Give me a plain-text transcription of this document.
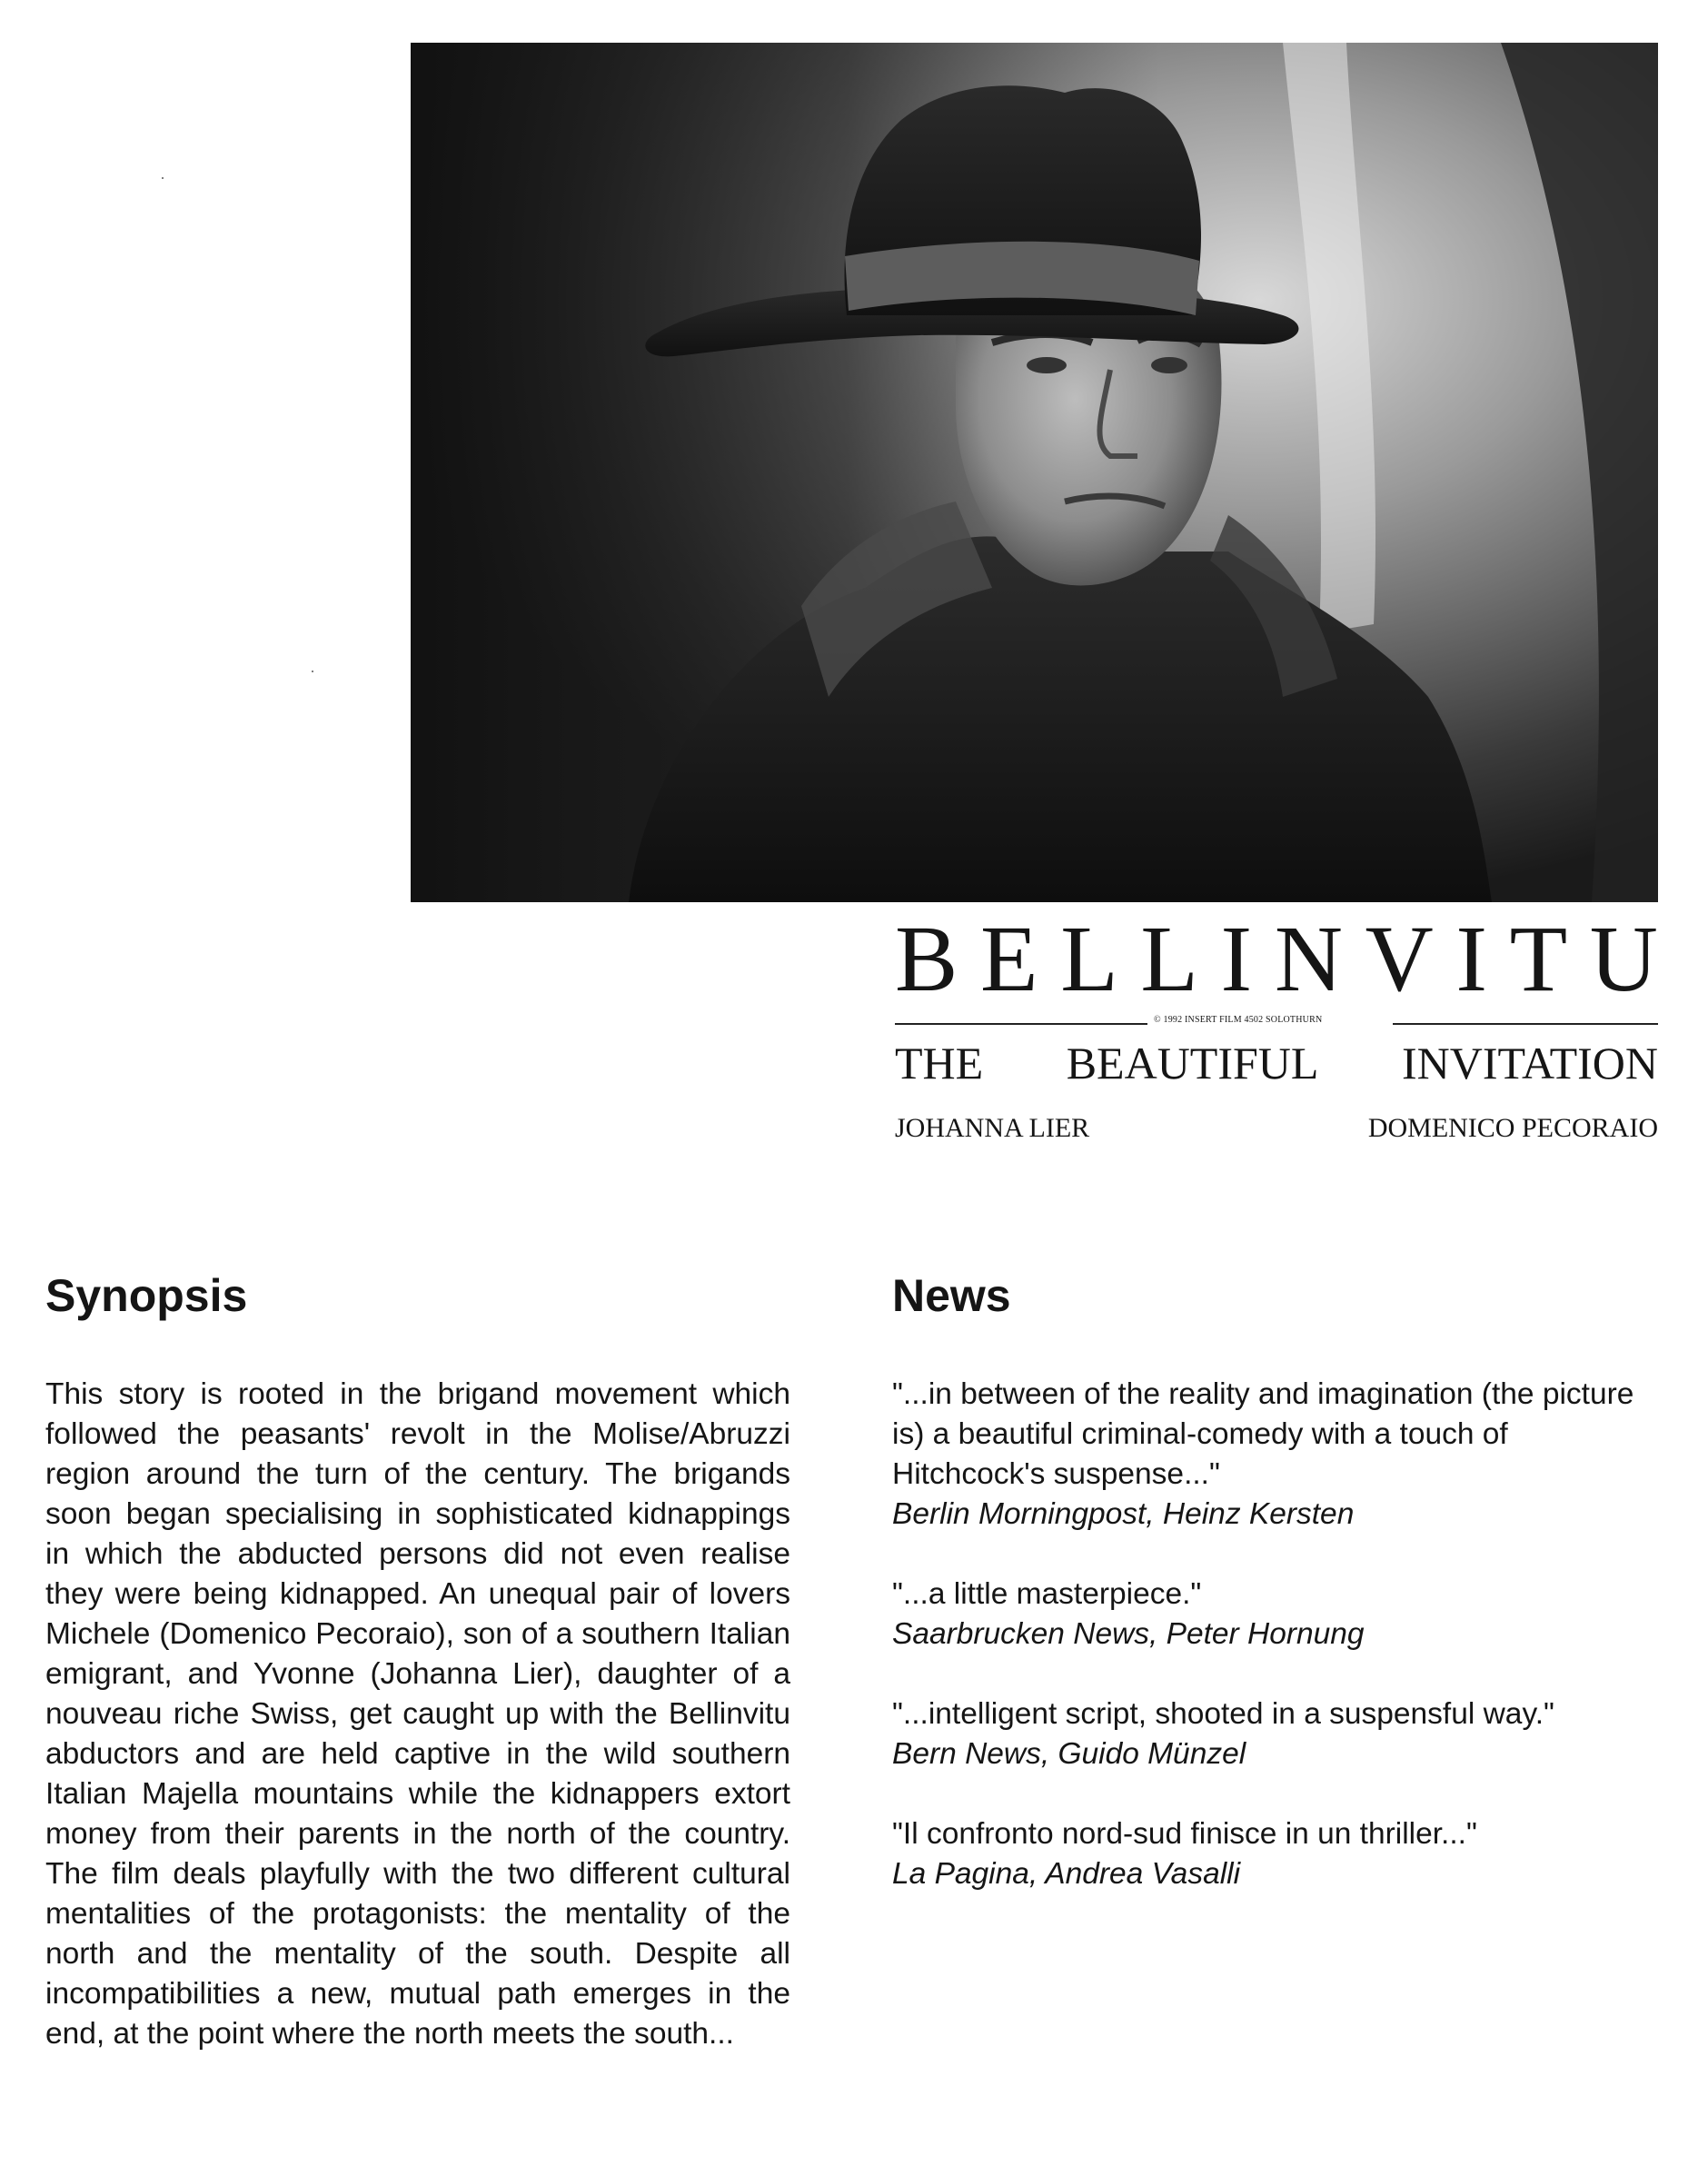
B E L L I N V I T U
© 1992 INSERT FILM 4502 SOLOTHURN
THE BEAUTIFUL INVITATION
JOHANNA LIER	DOMENICO PECORAIO
Synopsis

This story is rooted in the brigand movement which followed the peasants' revolt in the Molise/Abruzzi region around the turn of the century. The brigands soon began specialising in sophisticated kidnappings in which the abducted persons did not even realise they were being kidnapped. An unequal pair of lovers Michele (Domenico Pecoraio), son of a southern Italian emigrant, and Yvonne (Johanna Lier), daughter of a nouveau riche Swiss, get caught up with the Bellinvitu abductors and are held captive in the wild southern Italian Majella mountains while the kidnappers extort money from their parents in the north of the country. The film deals playfully with the two different cultural mentalities of the protagonists: the mentality of the north and the mentality of the south. Despite all incompatibilities a new, mutual path emerges in the end, at the point where the north meets the south...

News
"...in between of the reality and imagination (the picture is) a beautiful criminal-comedy with a touch of Hitchcock's suspense..."
Berlin Morningpost, Heinz Kersten
"...a little masterpiece."
Saarbrucken News, Peter Hornung
"...intelligent script, shooted in a suspensful way."
Bern News, Guido Münzel
"Il confronto nord-sud finisce in un thriller..."
La Pagina, Andrea Vasalli
